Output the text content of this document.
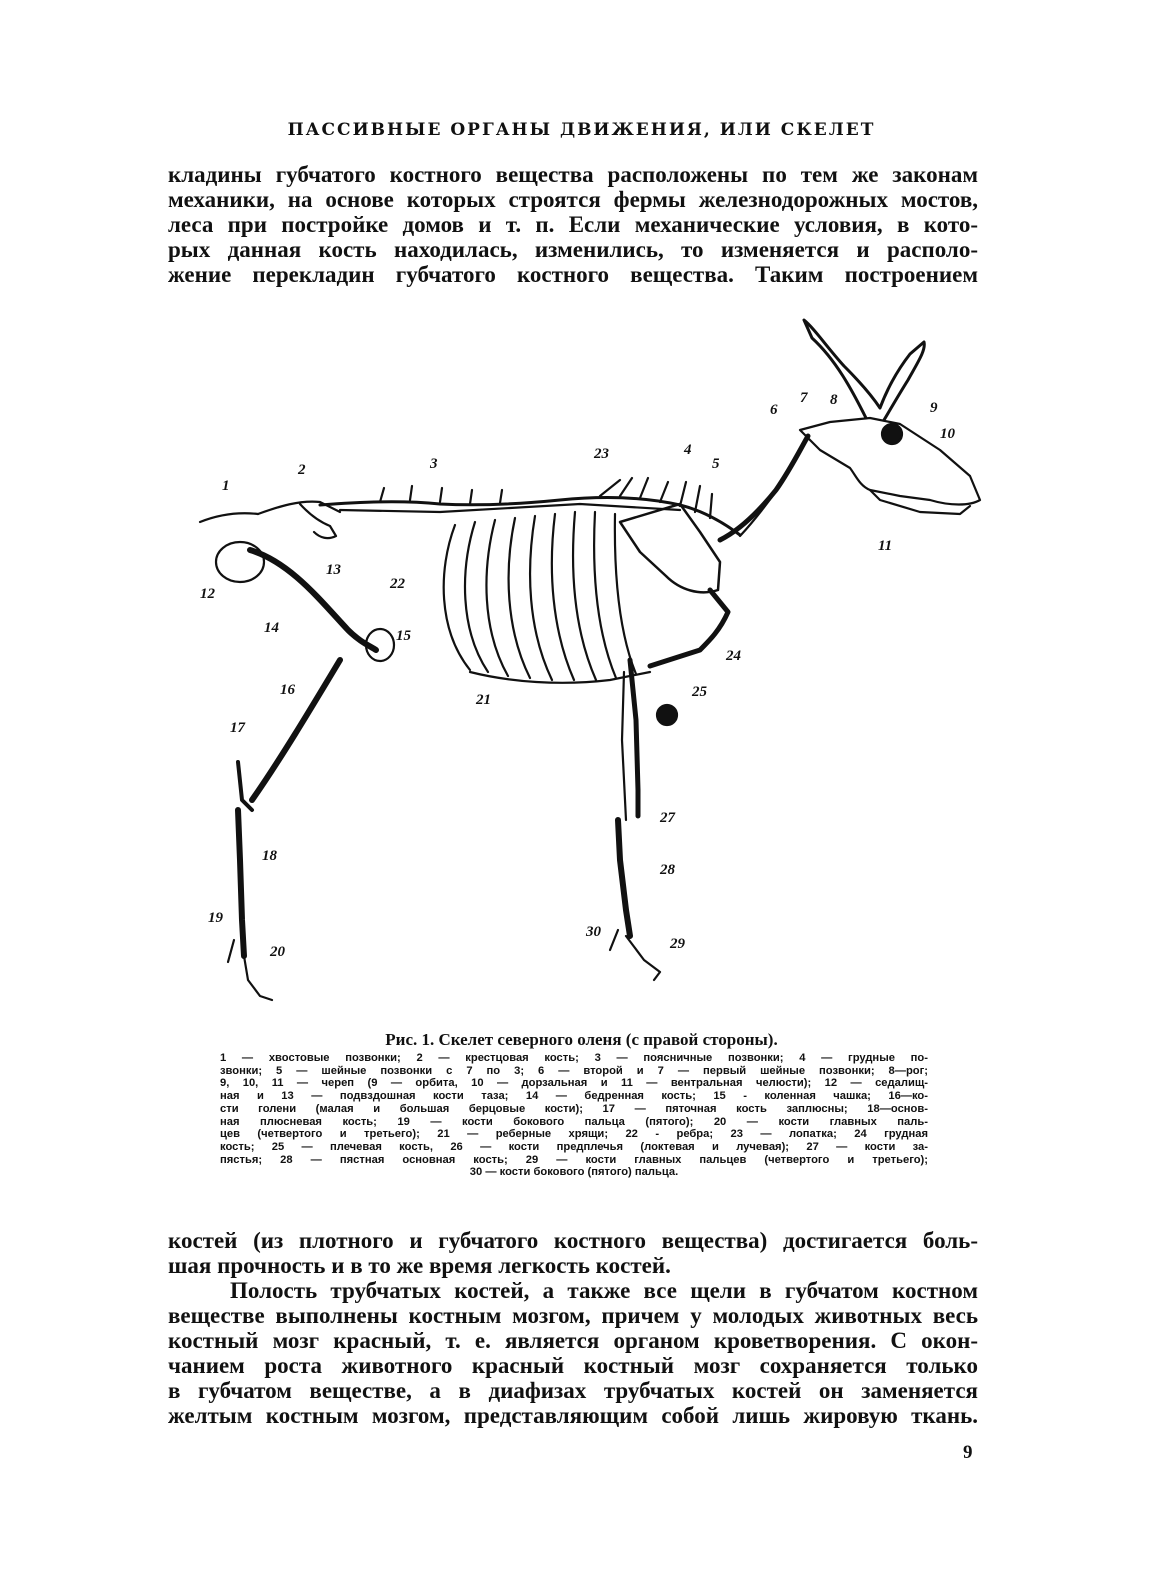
ПАССИВНЫЕ ОРГАНЫ ДВИЖЕНИЯ, ИЛИ СКЕЛЕТ
кладины губчатого костного вещества расположены по тем же законам
механики, на основе которых строятся фермы железнодорожных мостов,
леса при постройке домов и т. п. Если механические условия, в кото-
рых данная кость находилась, изменились, то изменяется и располо-
жение перекладин губчатого костного вещества. Таким построением
1
2	3
4
5
6
7 8	9
10
11
12
13
14	15
16
17
18
19
20
21
22
23
24
25
27
28
29
30
Рис. 1. Скелет северного оленя (с правой стороны).
1 — хвостовые позвонки; 2 — крестцовая кость; 3 — поясничные позвонки; 4 — грудные по-
звонки; 5 — шейные позвонки с 7 по 3; 6 — второй и 7 — первый шейные позвонки; 8—рог;
9, 10, 11 — череп (9 — орбита, 10 — дорзальная и 11 — вентральная челюсти); 12 — седалищ-
ная и 13 — подвздошная кости таза; 14 — бедренная кость; 15 - коленная чашка; 16—ко-
сти голени (малая и большая берцовые кости); 17 — пяточная кость заплюсны; 18—основ-
ная плюсневая кость; 19 — кости бокового пальца (пятого); 20 — кости главных паль-
цев (четвертого и третьего); 21 — реберные хрящи; 22 - ребра; 23 — лопатка; 24 грудная
кость; 25 — плечевая кость, 26 — кости предплечья (локтевая и лучевая); 27 — кости за-
пястья; 28 — пястная основная кость; 29 — кости главных пальцев (четвертого и третьего);
30 — кости бокового (пятого) пальца.
костей (из плотного и губчатого костного вещества) достигается боль-
шая прочность и в то же время легкость костей.
Полость трубчатых костей, а также все щели в губчатом костном
веществе выполнены костным мозгом, причем у молодых животных весь
костный мозг красный, т. е. является органом кроветворения. С окон-
чанием роста животного красный костный мозг сохраняется только
в губчатом веществе, а в диафизах трубчатых костей он заменяется
желтым костным мозгом, представляющим собой лишь жировую ткань.
9
